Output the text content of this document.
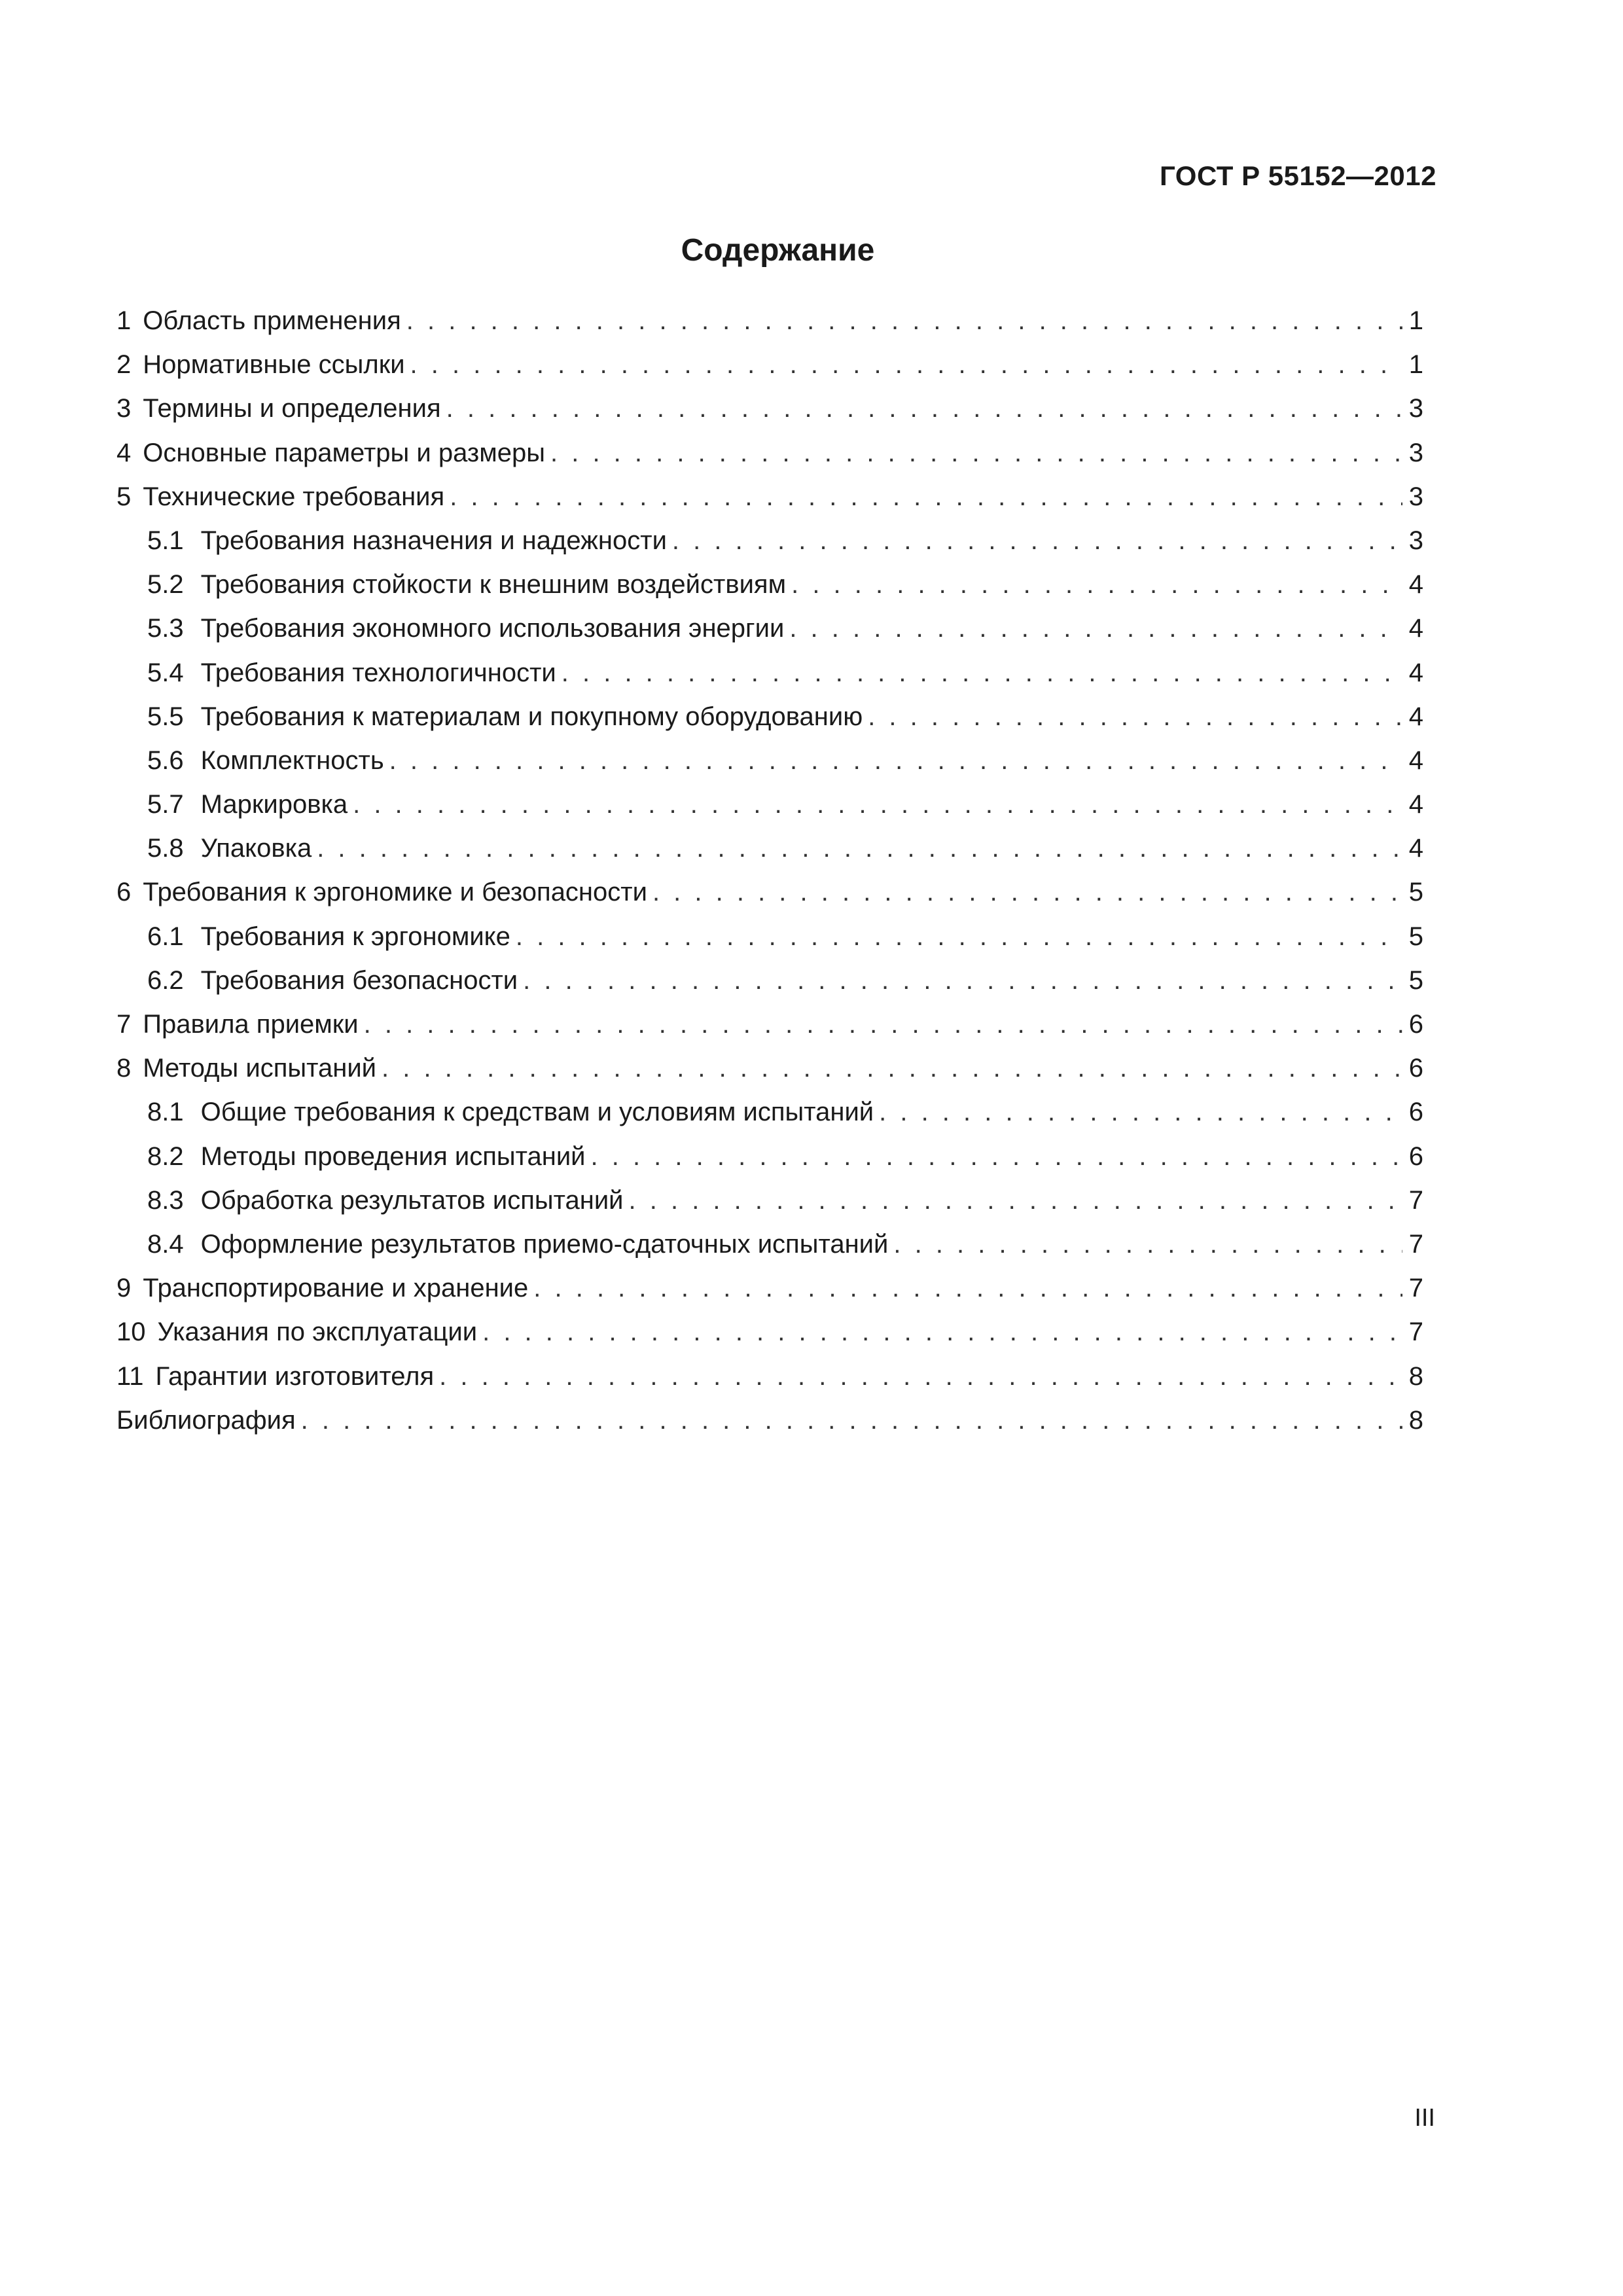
ГОСТ Р 55152—2012
Содержание
1 Область применения . . .	1
2 Нормативные ссылки . . .	1
3 Термины и определения . . .	3
4 Основные параметры и размеры . . .	3
5 Технические требования . . .	3
5.1 Требования назначения и надежности . . .	3
5.2 Требования стойкости к внешним воздействиям . . .	4
5.3 Требования экономного использования энергии . . .	4
5.4 Требования технологичности . . .	4
5.5 Требования к материалам и покупному оборудованию . . .	4
5.6 Комплектность . . .	4
5.7 Маркировка . . .	4
5.8 Упаковка . . .	4
6 Требования к эргономике и безопасности . . .	5
6.1 Требования к эргономике . . .	5
6.2 Требования безопасности . . .	5
7 Правила приемки . . .	6
8 Методы испытаний . . .	6
8.1 Общие требования к средствам и условиям испытаний . . .	6
8.2 Методы проведения испытаний . . .	6
8.3 Обработка результатов испытаний . . .	7
8.4 Оформление результатов приемо-сдаточных испытаний . . .	7
9 Транспортирование и хранение . . .	7
10 Указания по эксплуатации . . .	7
11 Гарантии изготовителя . . .	8
Библиография . . .	8
III
